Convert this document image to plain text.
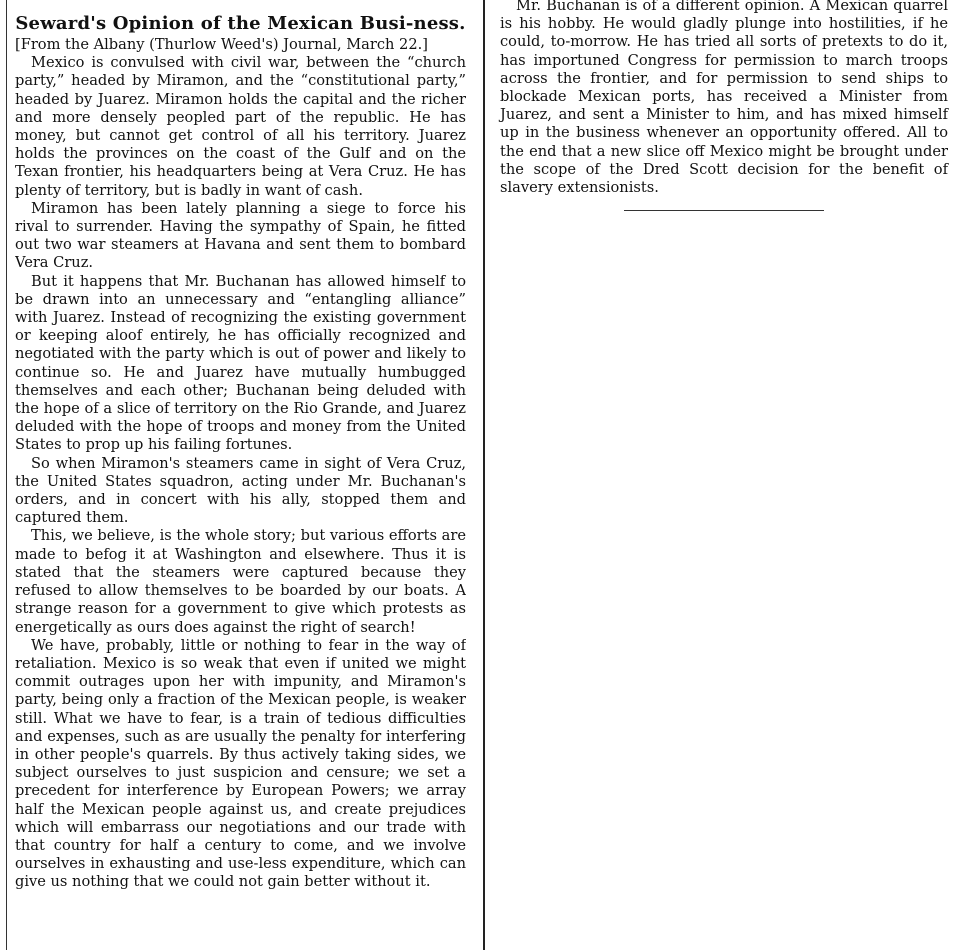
Seward's Opinion of the Mexican Busi-ness.
[From the Albany (Thurlow Weed's) Journal, March 22.]

Mexico is convulsed with civil war, between the “church party,” headed by Miramon, and the “constitutional party,” headed by Juarez. Miramon holds the capital and the richer and more densely peopled part of the republic. He has money, but cannot get control of all his territory. Juarez holds the provinces on the coast of the Gulf and on the Texan frontier, his headquarters being at Vera Cruz. He has plenty of territory, but is badly in want of cash.

Miramon has been lately planning a siege to force his rival to surrender. Having the sympathy of Spain, he fitted out two war steamers at Havana and sent them to bombard Vera Cruz.

But it happens that Mr. Buchanan has allowed himself to be drawn into an unnecessary and “entangling alliance” with Juarez. Instead of recognizing the existing government or keeping aloof entirely, he has officially recognized and negotiated with the party which is out of power and likely to continue so. He and Juarez have mutually humbugged themselves and each other; Buchanan being deluded with the hope of a slice of territory on the Rio Grande, and Juarez deluded with the hope of troops and money from the United States to prop up his failing fortunes.

So when Miramon's steamers came in sight of Vera Cruz, the United States squadron, acting under Mr. Buchanan's orders, and in concert with his ally, stopped them and captured them.

This, we believe, is the whole story; but various efforts are made to befog it at Washington and elsewhere. Thus it is stated that the steamers were captured because they refused to allow themselves to be boarded by our boats. A strange reason for a government to give which protests as energetically as ours does against the right of search!

We have, probably, little or nothing to fear in the way of retaliation. Mexico is so weak that even if united we might commit outrages upon her with impunity, and Miramon's party, being only a fraction of the Mexican people, is weaker still. What we have to fear, is a train of tedious difficulties and expenses, such as are usually the penalty for interfering in other people's quarrels. By thus actively taking sides, we subject ourselves to just suspicion and censure; we set a precedent for interference by European Powers; we array half the Mexican people against us, and create prejudices which will embarrass our negotiations and our trade with that country for half a century to come, and we involve ourselves in exhausting and use-less expenditure, which can give us nothing that we could not gain better without it.

Mr. Buchanan is of a different opinion. A Mexican quarrel is his hobby. He would gladly plunge into hostilities, if he could, to-morrow. He has tried all sorts of pretexts to do it, has importuned Congress for permission to march troops across the frontier, and for permission to send ships to blockade Mexican ports, has received a Minister from Juarez, and sent a Minister to him, and has mixed himself up in the business whenever an opportunity offered. All to the end that a new slice off Mexico might be brought under the scope of the Dred Scott decision for the benefit of slavery extensionists.
